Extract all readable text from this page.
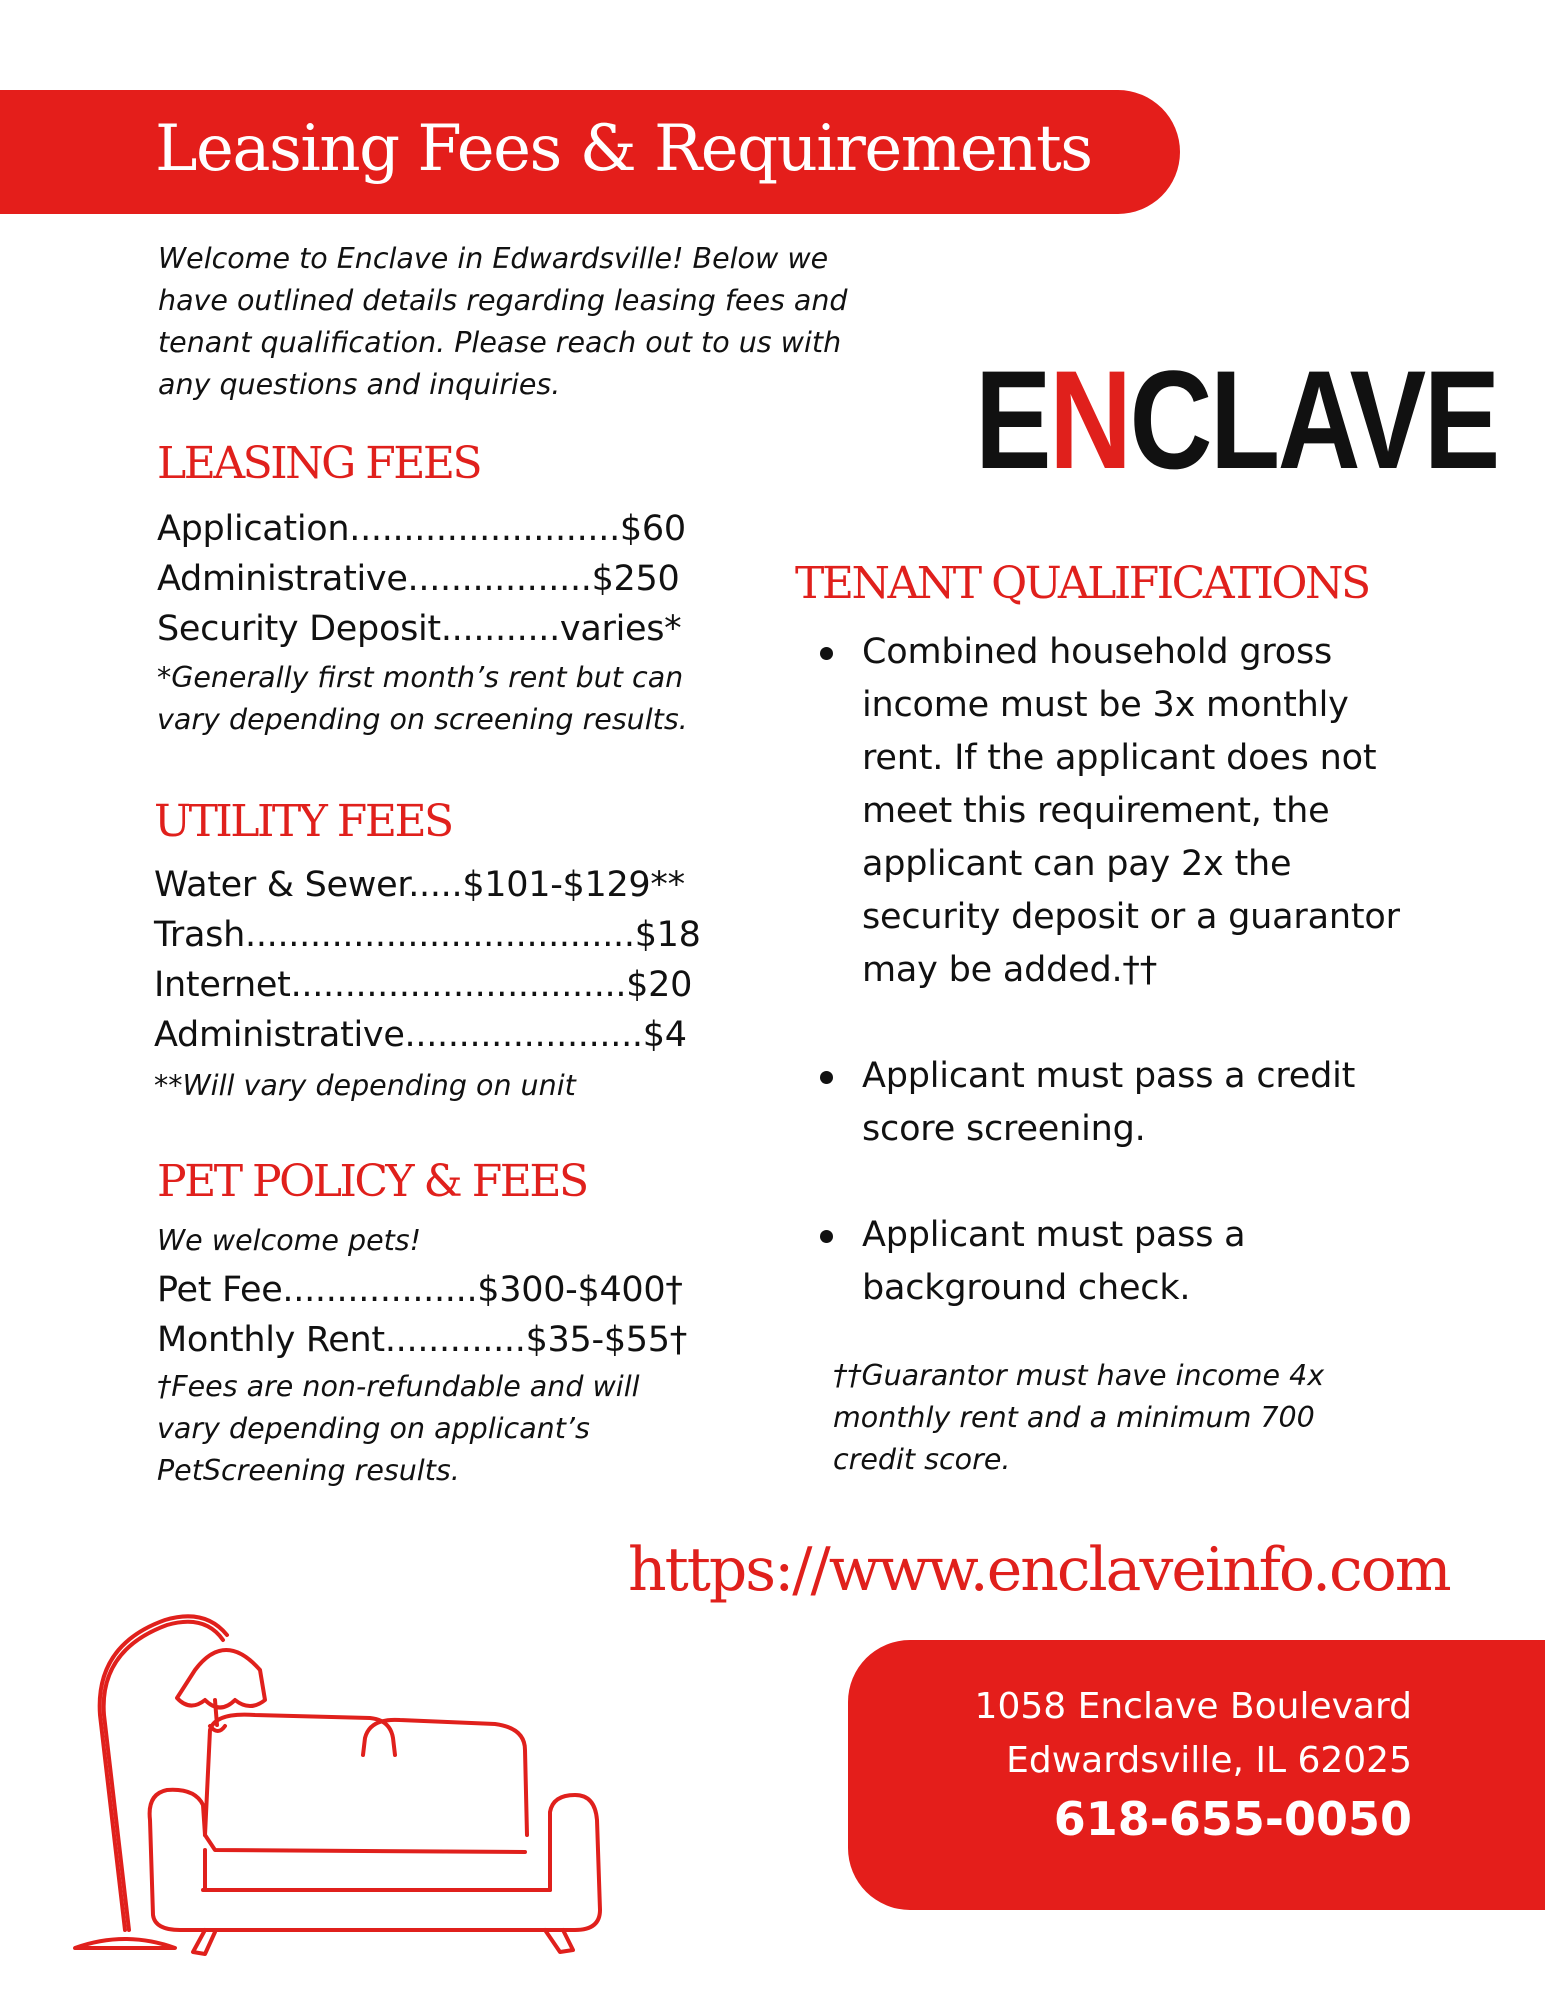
Leasing Fees & Requirements
Welcome to Enclave in Edwardsville! Below we have outlined details regarding leasing fees and tenant qualification. Please reach out to us with any questions and inquiries.	ENCLAVE
LEASING FEES
Application.........................$60
Administrative.................$250
Security Deposit...........varies*
*Generally first month’s rent but can
vary depending on screening results.
UTILITY FEES
Water & Sewer.....$101-$129**
Trash....................................$18
Internet...............................$20
Administrative......................$4
**Will vary depending on unit
PET POLICY & FEES
We welcome pets!
Pet Fee..................$300-$400†
Monthly Rent.............$35-$55†
†Fees are non-refundable and will
vary depending on applicant’s
PetScreening results.
TENANT QUALIFICATIONS
Combined household gross income must be 3x monthly rent. If the applicant does not meet this requirement, the applicant can pay 2x the security deposit or a guarantor may be added.††
Applicant must pass a credit score screening.
Applicant must pass a background check.
††Guarantor must have income 4x
monthly rent and a minimum 700
credit score.
https://www.enclaveinfo.com
1058 Enclave Boulevard
Edwardsville, IL 62025
618-655-0050
